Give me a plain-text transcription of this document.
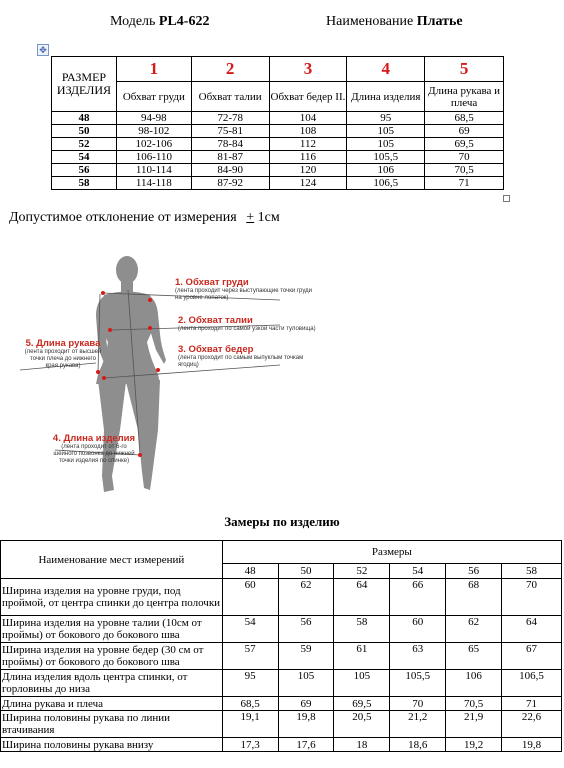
Модель PL4-622	Наименование Платье
✥
РАЗМЕР ИЗДЕЛИЯ	1	2	3	4	5
	Обхват груди	Обхват талии	Обхват бедер II.	Длина изделия	Длина рукава и плеча
48	94-98	72-78	104	95	68,5
50	98-102	75-81	108	105	69
52	102-106	78-84	112	105	69,5
54	106-110	81-87	116	105,5	70
56	110-114	84-90	120	106	70,5
58	114-118	87-92	124	106,5	71
Допустимое отклонение от измерения + 1см
1. Обхват груди
(лента проходит через выступающие точки груди на уровне лопаток)
2. Обхват талии
(лента проходит по самой узкой части туловища)
3. Обхват бедер
(лента проходит по самым выпуклым точкам ягодиц)
5. Длина рукава
(лента проходит от высшей точки плеча до нижнего края рукава)
4. Длина изделия
(лента проходит от 6-го шейного позвонка до нижней точки изделия по спинке)
Замеры по изделию
Наименование мест измерений	Размеры					
	48	50	52	54	56	58
Ширина изделия на уровне груди, под проймой, от центра спинки до центра полочки	60	62	64	66	68	70
Ширина изделия на уровне талии (10см от проймы) от бокового до бокового шва	54	56	58	60	62	64
Ширина изделия на уровне бедер (30 см от проймы) от бокового до бокового шва	57	59	61	63	65	67
Длина изделия вдоль центра спинки, от горловины до низа	95	105	105	105,5	106	106,5
Длина рукава и плеча	68,5	69	69,5	70	70,5	71
Ширина половины рукава по линии втачивания	19,1	19,8	20,5	21,2	21,9	22,6
Ширина половины рукава внизу	17,3	17,6	18	18,6	19,2	19,8
